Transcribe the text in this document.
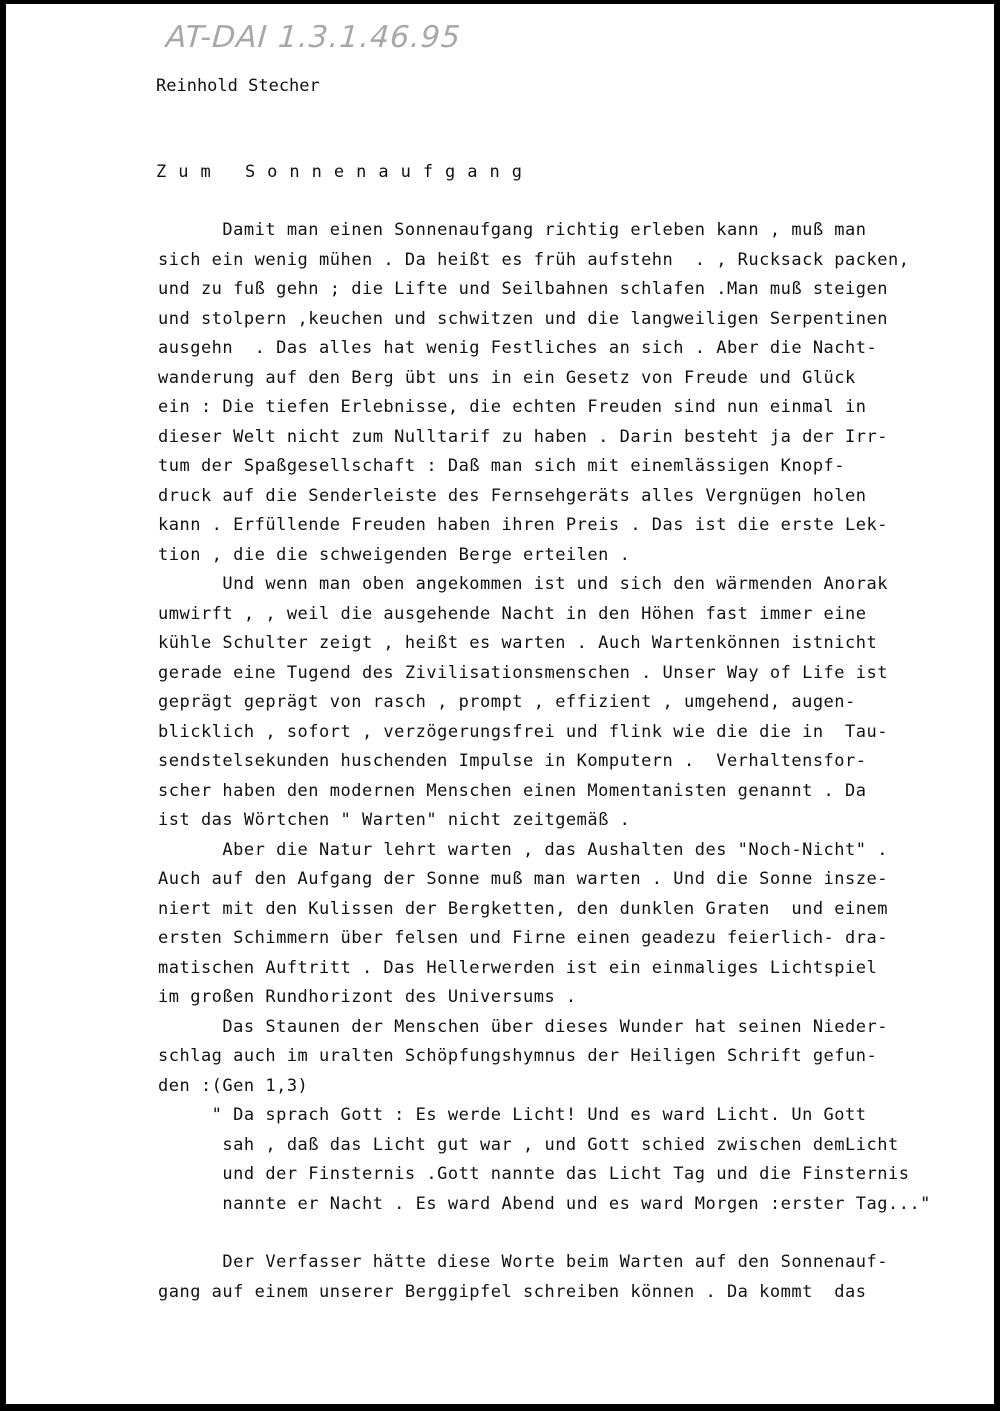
AT-DAI 1.3.1.46.95
Reinhold Stecher
Zum Sonnenaufgang
Damit man einen Sonnenaufgang richtig erleben kann , muß man
sich ein wenig mühen . Da heißt es früh aufstehn  . , Rucksack packen,
und zu fuß gehn ; die Lifte und Seilbahnen schlafen .Man muß steigen
und stolpern ,keuchen und schwitzen und die langweiligen Serpentinen
ausgehn  . Das alles hat wenig Festliches an sich . Aber die Nacht-
wanderung auf den Berg übt uns in ein Gesetz von Freude und Glück
ein : Die tiefen Erlebnisse, die echten Freuden sind nun einmal in
dieser Welt nicht zum Nulltarif zu haben . Darin besteht ja der Irr-
tum der Spaßgesellschaft : Daß man sich mit einemlässigen Knopf-
druck auf die Senderleiste des Fernsehgeräts alles Vergnügen holen
kann . Erfüllende Freuden haben ihren Preis . Das ist die erste Lek-
tion , die die schweigenden Berge erteilen .
Und wenn man oben angekommen ist und sich den wärmenden Anorak
umwirft , , weil die ausgehende Nacht in den Höhen fast immer eine
kühle Schulter zeigt , heißt es warten . Auch Wartenkönnen istnicht
gerade eine Tugend des Zivilisationsmenschen . Unser Way of Life ist
geprägt geprägt von rasch , prompt , effizient , umgehend, augen-
blicklich , sofort , verzögerungsfrei und flink wie die die in  Tau-
sendstelsekunden huschenden Impulse in Komputern .  Verhaltensfor-
scher haben den modernen Menschen einen Momentanisten genannt . Da
ist das Wörtchen " Warten" nicht zeitgemäß .
Aber die Natur lehrt warten , das Aushalten des "Noch-Nicht" .
Auch auf den Aufgang der Sonne muß man warten . Und die Sonne insze-
niert mit den Kulissen der Bergketten, den dunklen Graten  und einem
ersten Schimmern über felsen und Firne einen geadezu feierlich- dra-
matischen Auftritt . Das Hellerwerden ist ein einmaliges Lichtspiel
im großen Rundhorizont des Universums .
Das Staunen der Menschen über dieses Wunder hat seinen Nieder-
schlag auch im uralten Schöpfungshymnus der Heiligen Schrift gefun-
den :(Gen 1,3)
" Da sprach Gott : Es werde Licht! Und es ward Licht. Un Gott
sah , daß das Licht gut war , und Gott schied zwischen demLicht
und der Finsternis .Gott nannte das Licht Tag und die Finsternis
nannte er Nacht . Es ward Abend und es ward Morgen :erster Tag..."
Der Verfasser hätte diese Worte beim Warten auf den Sonnenauf-
gang auf einem unserer Berggipfel schreiben können . Da kommt  das
